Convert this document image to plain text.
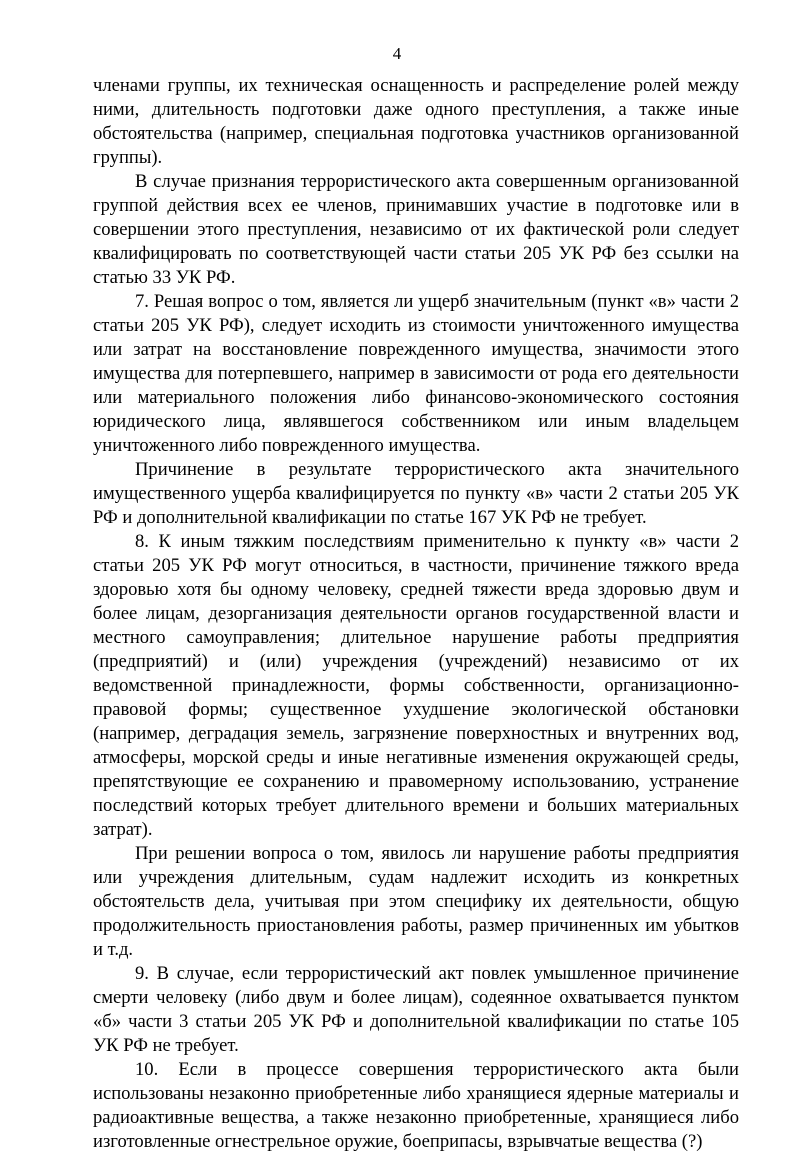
4

членами группы, их техническая оснащенность и распределение ролей между ними, длительность подготовки даже одного преступления, а также иные обстоятельства (например, специальная подготовка участников организованной группы).

В случае признания террористического акта совершенным организованной группой действия всех ее членов, принимавших участие в подготовке или в совершении этого преступления, независимо от их фактической роли следует квалифицировать по соответствующей части статьи 205 УК РФ без ссылки на статью 33 УК РФ.

7. Решая вопрос о том, является ли ущерб значительным (пункт «в» части 2 статьи 205 УК РФ), следует исходить из стоимости уничтоженного имущества или затрат на восстановление поврежденного имущества, значимости этого имущества для потерпевшего, например в зависимости от рода его деятельности или материального положения либо финансово-экономического состояния юридического лица, являвшегося собственником или иным владельцем уничтоженного либо поврежденного имущества.

Причинение в результате террористического акта значительного имущественного ущерба квалифицируется по пункту «в» части 2 статьи 205 УК РФ и дополнительной квалификации по статье 167 УК РФ не требует.

8. К иным тяжким последствиям применительно к пункту «в» части 2 статьи 205 УК РФ могут относиться, в частности, причинение тяжкого вреда здоровью хотя бы одному человеку, средней тяжести вреда здоровью двум и более лицам, дезорганизация деятельности органов государственной власти и местного самоуправления; длительное нарушение работы предприятия (предприятий) и (или) учреждения (учреждений) независимо от их ведомственной принадлежности, формы собственности, организационно-правовой формы; существенное ухудшение экологической обстановки (например, деградация земель, загрязнение поверхностных и внутренних вод, атмосферы, морской среды и иные негативные изменения окружающей среды, препятствующие ее сохранению и правомерному использованию, устранение последствий которых требует длительного времени и больших материальных затрат).

При решении вопроса о том, явилось ли нарушение работы предприятия или учреждения длительным, судам надлежит исходить из конкретных обстоятельств дела, учитывая при этом специфику их деятельности, общую продолжительность приостановления работы, размер причиненных им убытков и т.д.

9. В случае, если террористический акт повлек умышленное причинение смерти человеку (либо двум и более лицам), содеянное охватывается пунктом «б» части 3 статьи 205 УК РФ и дополнительной квалификации по статье 105 УК РФ не требует.

10. Если в процессе совершения террористического акта были использованы незаконно приобретенные либо хранящиеся ядерные материалы и радиоактивные вещества, а также незаконно приобретенные, хранящиеся либо изготовленные огнестрельное оружие, боеприпасы, взрывчатые вещества (?)
